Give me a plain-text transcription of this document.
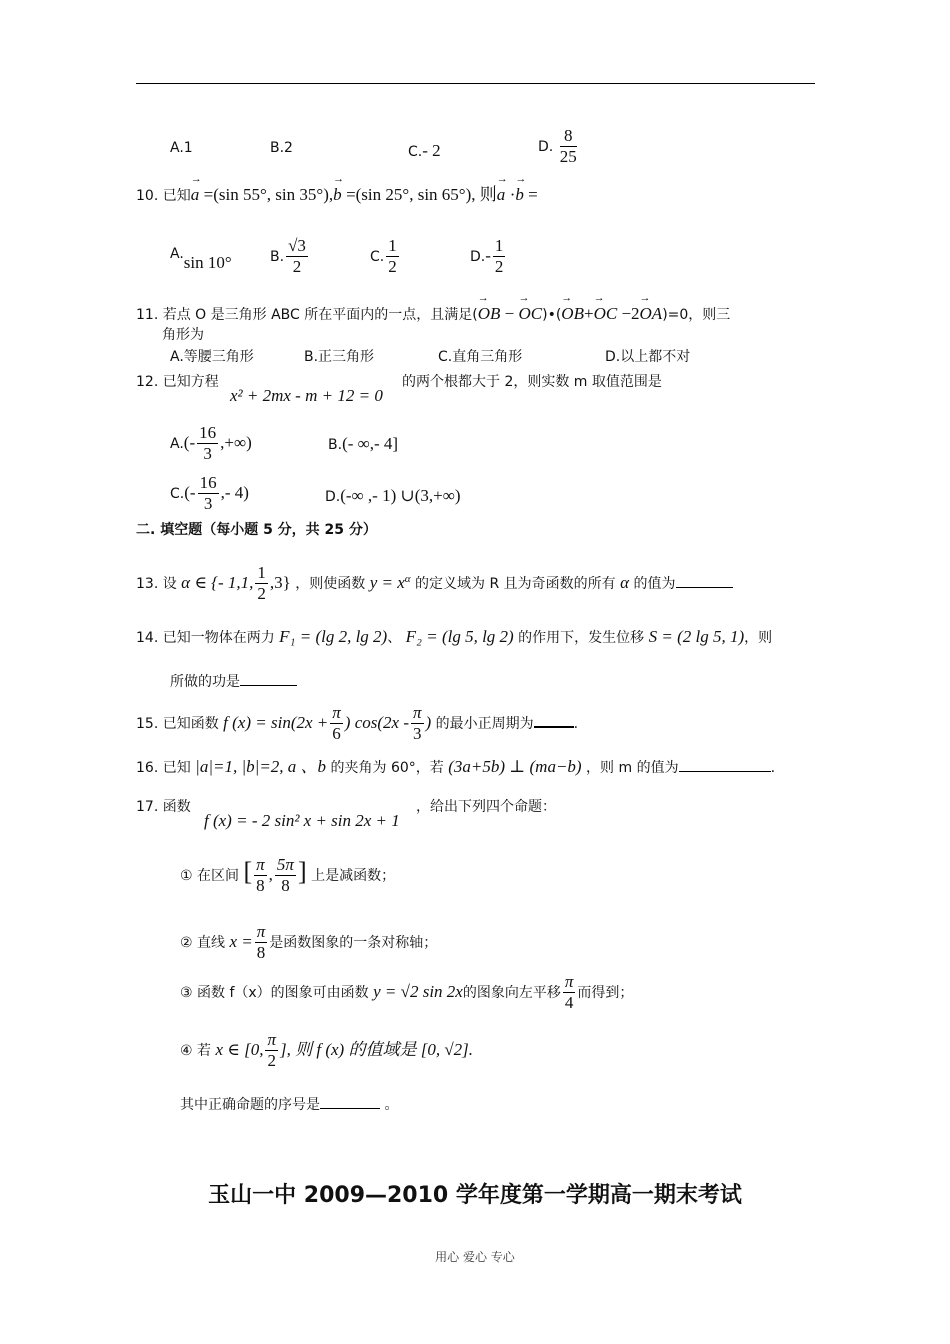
A.1	B.2	C.- 2	D. $\frac{8}{25}$
10. 已知→ a =(sin 55°, sin 35°),→ b =(sin 25°, sin 65°), 则→ a ·→ b =
A.sin 10°	B. $\frac{√3}{2}$	C. $\frac{1}{2}$	$D.- \frac{1}{2}$
11. 若点 O 是三角形 ABC 所在平面内的一点，且满足(→ OB − → OC)•(→ OB+→ OC −2→ OA)=0，则三
角形为
A.等腰三角形	B.正三角形	C.直角三角形	D.以上都不对
12. 已知方程
x² + 2mx - m + 12 = 0
的两个根都大于 2，则实数 m 取值范围是
$A.(- \frac{16}{3}$ ,+∞)	B.(- ∞,- 4]
$C.(- \frac{16}{3}$ ,- 4)	D.(-∞ ,- 1) ∪(3,+∞)
二. 填空题（每小题 5 分，共 25 分）
13. 设 α ∈ {- 1,1, $\frac{1}{2} ,3$} ，则使函数 $y = x^\alpha$ 的定义域为 R 且为奇函数的所有 α 的值为
14. 已知一物体在两力 F₁ = (lg 2, lg 2)、 F₂ = (lg 5, lg 2) 的作用下，发生位移 S = (2 lg 5, 1)，则
所做的功是
15. 已知函数 f $(x) = \sin(2x + \frac{\pi}{6}$ ) $\cos(2x - \frac{\pi}{3}$ ) 的最小正周期为	.
16. 已知 |a|=1, |b|=2, a 、b 的夹角为 60°，若 (3a+5b) ⊥ (ma−b) ，则 m 的值为	.
17. 函数
f (x) = - 2 sin² x + sin 2x + 1
，给出下列四个命题：
① 在区间 [ $\frac{\pi}{8}$ , $\frac{5\pi}{8}$ ] 上是减函数；
② 直线 $x = \frac{\pi}{8}$ 是函数图象的一条对称轴；
③ 函数 f（x）的图象可由函数 y = √2 sin 2x的图象向左平移 $\frac{\pi}{4}$ 而得到；
④ 若 x ∈ [0, $\frac{\pi}{2}$ ], 则 f (x) 的值域是 [0, √2].
其中正确命题的序号是	。
玉山一中 2009—2010 学年度第一学期高一期末考试
用心 爱心 专心
